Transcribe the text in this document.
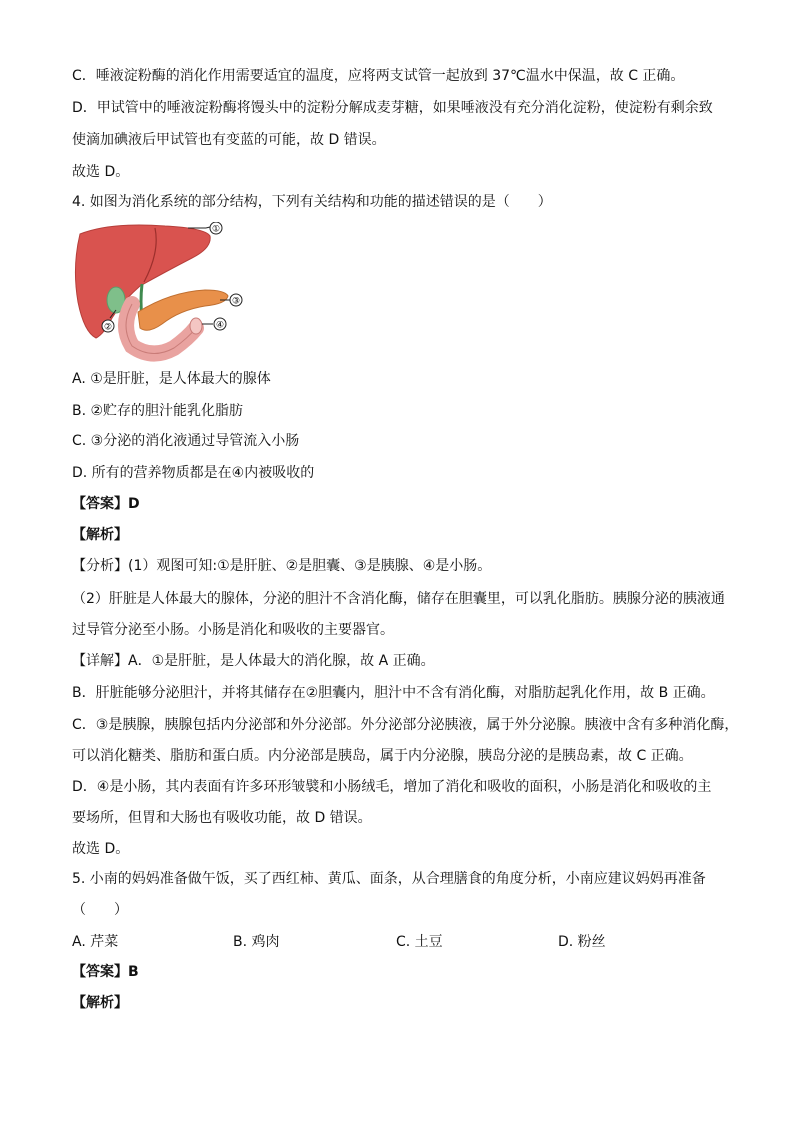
C．唾液淀粉酶的消化作用需要适宜的温度，应将两支试管一起放到 37℃温水中保温，故 C 正确。
D．甲试管中的唾液淀粉酶将馒头中的淀粉分解成麦芽糖，如果唾液没有充分消化淀粉，使淀粉有剩余致
使滴加碘液后甲试管也有变蓝的可能，故 D 错误。
故选 D。
4. 如图为消化系统的部分结构，下列有关结构和功能的描述错误的是（　　）
①
②
③
④
A. ①是肝脏，是人体最大的腺体
B. ②贮存的胆汁能乳化脂肪
C. ③分泌的消化液通过导管流入小肠
D. 所有的营养物质都是在④内被吸收的
【答案】D
【解析】
【分析】(1）观图可知:①是肝脏、②是胆囊、③是胰腺、④是小肠。
（2）肝脏是人体最大的腺体，分泌的胆汁不含消化酶，储存在胆囊里，可以乳化脂肪。胰腺分泌的胰液通
过导管分泌至小肠。小肠是消化和吸收的主要器官。
【详解】A．①是肝脏，是人体最大的消化腺，故 A 正确。
B．肝脏能够分泌胆汁，并将其储存在②胆囊内，胆汁中不含有消化酶，对脂肪起乳化作用，故 B 正确。
C．③是胰腺，胰腺包括内分泌部和外分泌部。外分泌部分泌胰液，属于外分泌腺。胰液中含有多种消化酶，
可以消化糖类、脂肪和蛋白质。内分泌部是胰岛，属于内分泌腺，胰岛分泌的是胰岛素，故 C 正确。
D．④是小肠，其内表面有许多环形皱襞和小肠绒毛，增加了消化和吸收的面积，小肠是消化和吸收的主
要场所，但胃和大肠也有吸收功能，故 D 错误。
故选 D。
5. 小南的妈妈准备做午饭，买了西红柿、黄瓜、面条，从合理膳食的角度分析，小南应建议妈妈再准备
（　　）
A. 芹菜	B. 鸡肉	C. 土豆	D. 粉丝
【答案】B
【解析】
